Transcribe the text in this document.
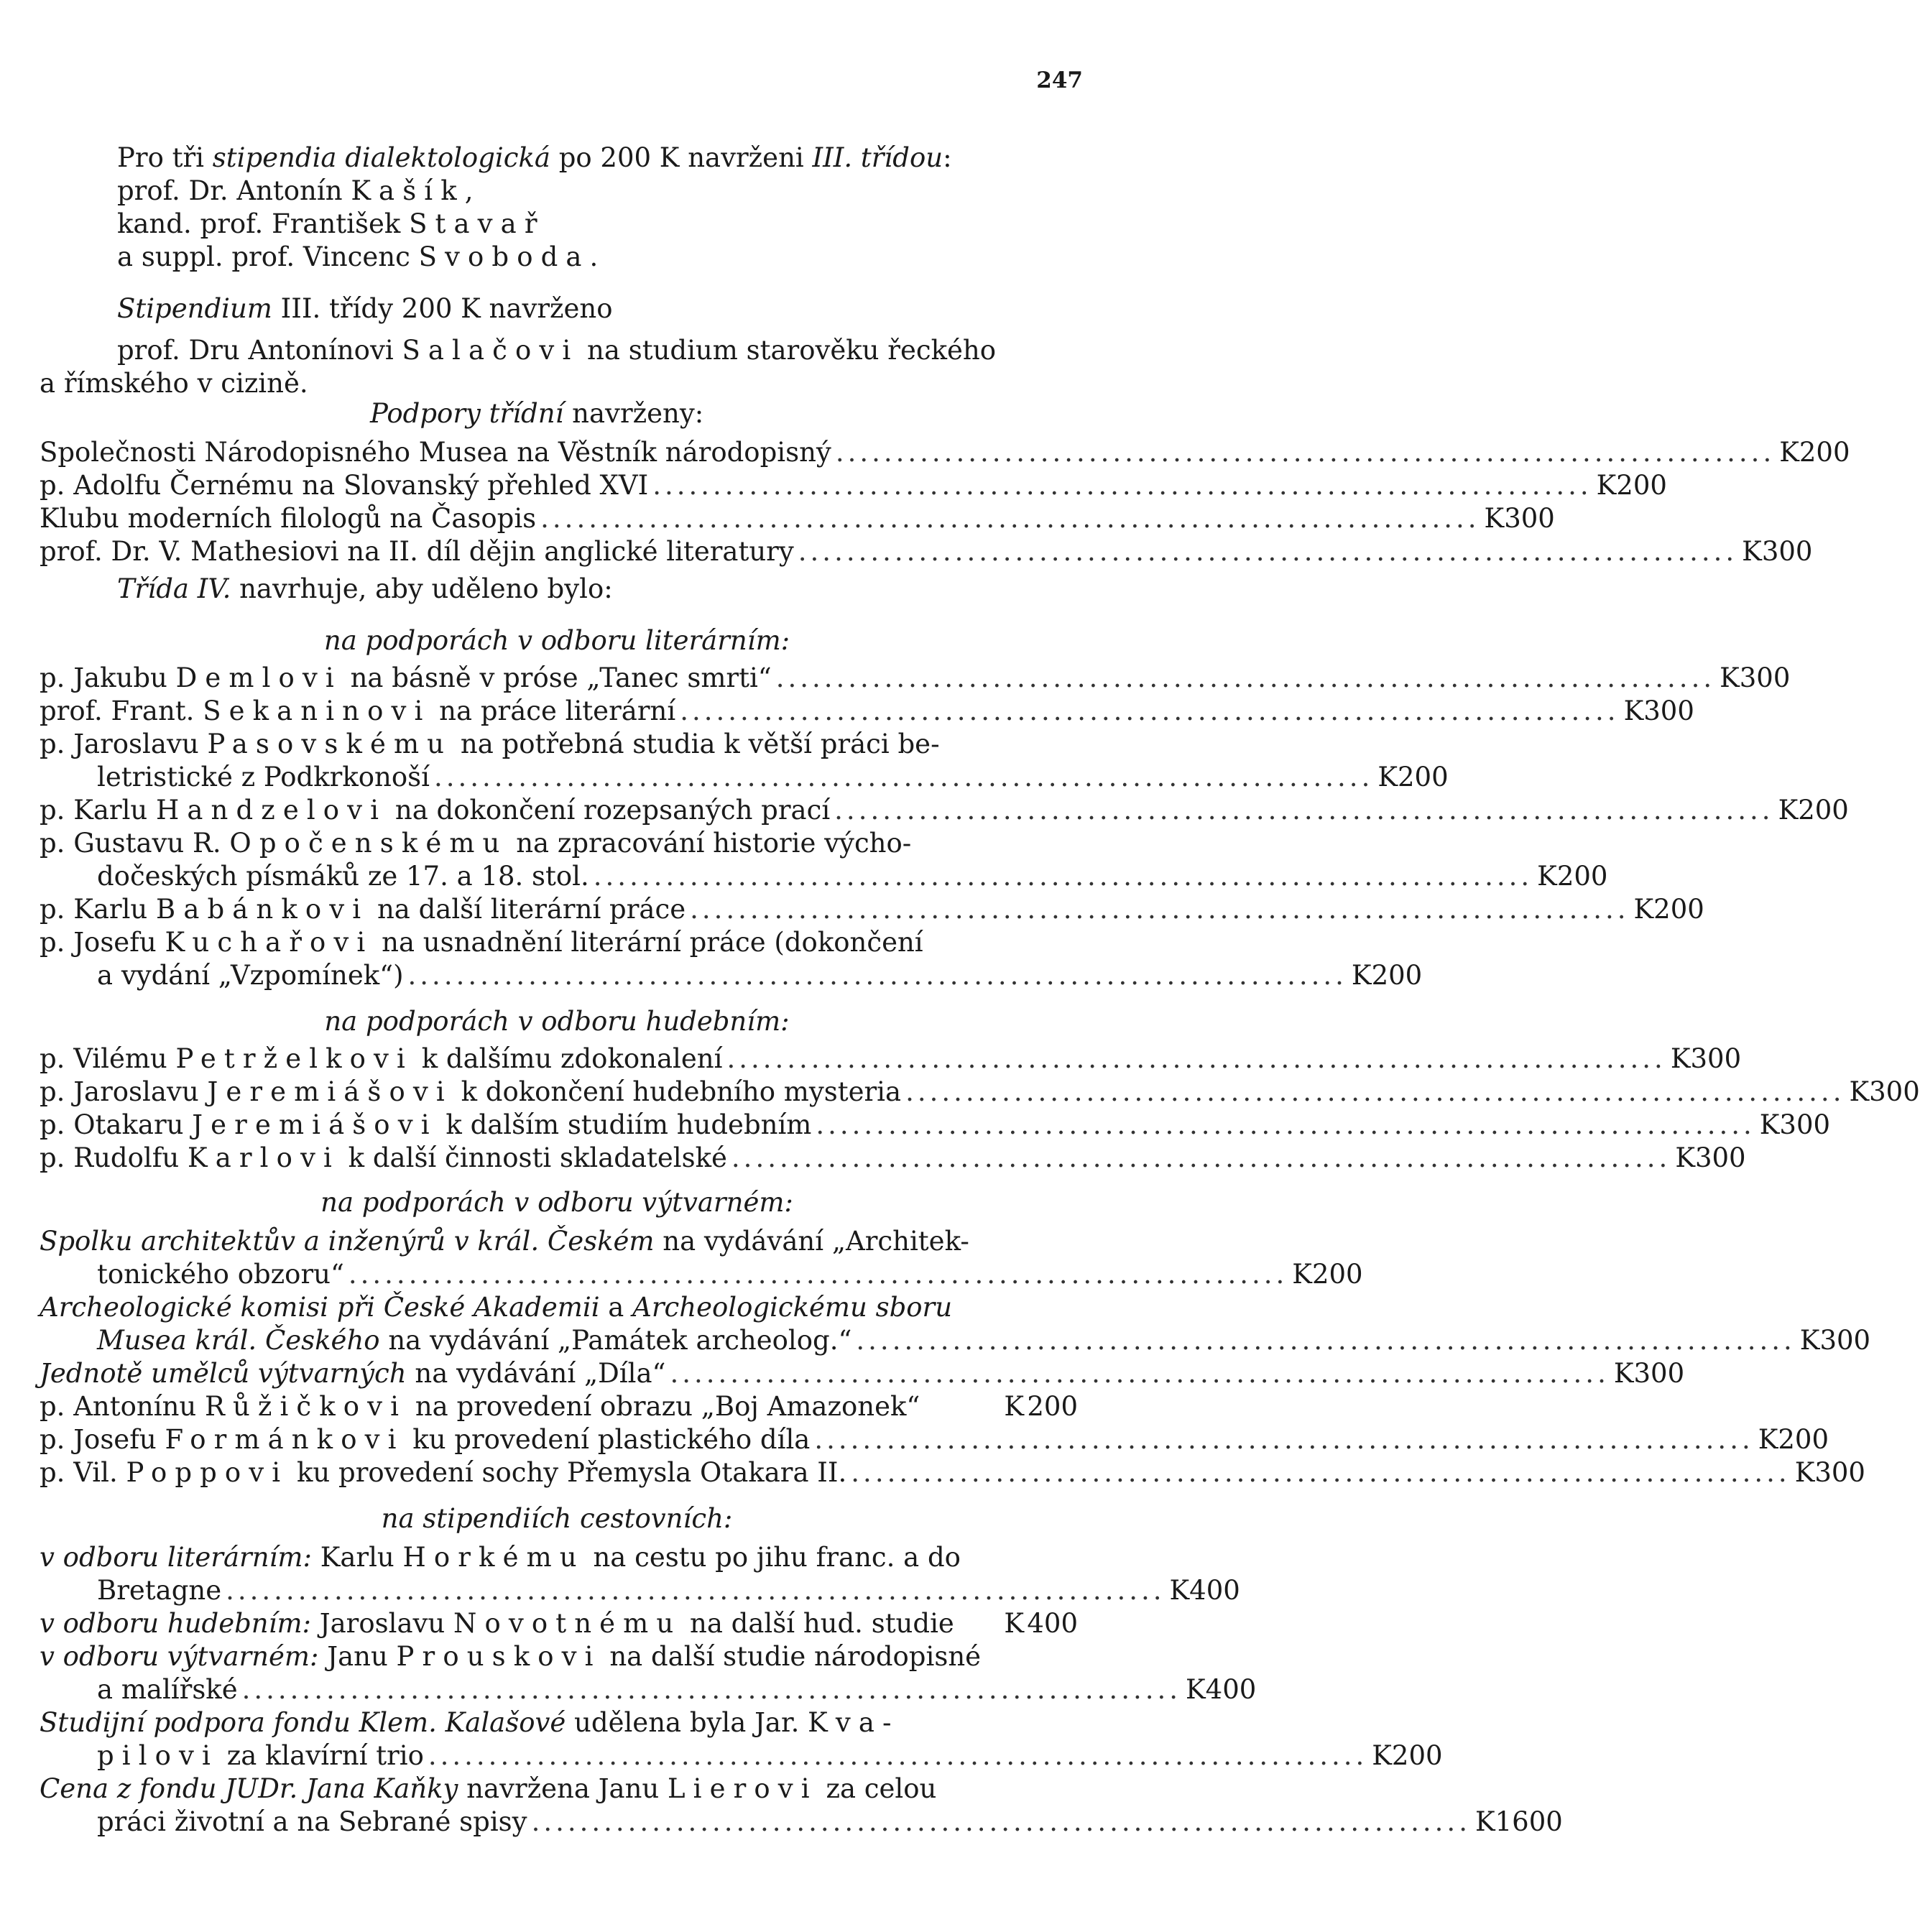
247
Pro tři stipendia dialektologická po 200 K navrženi III. třídou:
prof. Dr. Antonín Kašík,
kand. prof. František Stavař
a suppl. prof. Vincenc Svoboda.
Stipendium III. třídy 200 K navrženo
prof. Dru Antonínovi Salačovi na studium starověku řeckého
a římského v cizině.
Podpory třídní navrženy:
Společnosti Národopisného Musea na Věstník národopisný .............................................................................. K 200
p. Adolfu Černému na Slovanský přehled XVI .............................................................................. K 200
Klubu moderních filologů na Časopis .............................................................................. K 300
prof. Dr. V. Mathesiovi na II. díl dějin anglické literatury .............................................................................. K 300
Třída IV. navrhuje, aby uděleno bylo:
na podporách v odboru literárním:
p. Jakubu Demlovi na básně v próse „Tanec smrti“ .............................................................................. K 300
prof. Frant. Sekaninovi na práce literární .............................................................................. K 300
p. Jaroslavu Pasovskému na potřebná studia k větší práci be-
letristické z Podkrkonoší .............................................................................. K 200
p. Karlu Handzelovi na dokončení rozepsaných prací .............................................................................. K 200
p. Gustavu R. Opočenskému na zpracování historie výcho-
dočeských písmáků ze 17. a 18. stol. .............................................................................. K 200
p. Karlu Babánkovi na další literární práce .............................................................................. K 200
p. Josefu Kuchařovi na usnadnění literární práce (dokončení
a vydání „Vzpomínek“) .............................................................................. K 200
na podporách v odboru hudebním:
p. Vilému Petrželkovi k dalšímu zdokonalení .............................................................................. K 300
p. Jaroslavu Jeremiášovi k dokončení hudebního mysteria .............................................................................. K 300
p. Otakaru Jeremiášovi k dalším studiím hudebním .............................................................................. K 300
p. Rudolfu Karlovi k další činnosti skladatelské .............................................................................. K 300
na podporách v odboru výtvarném:
Spolku architektův a inženýrů v král. Českém na vydávání „Architek-
tonického obzoru“ .............................................................................. K 200
Archeologické komisi při České Akademii a Archeologickému sboru
Musea král. Českého na vydávání „Památek archeolog.“ .............................................................................. K 300
Jednotě umělců výtvarných na vydávání „Díla“ .............................................................................. K 300
p. Antonínu Růžičkovi na provedení obrazu „Boj Amazonek“	K 200
p. Josefu Formánkovi ku provedení plastického díla .............................................................................. K 200
p. Vil. Poppovi ku provedení sochy Přemysla Otakara II. .............................................................................. K 300
na stipendiích cestovních:
v odboru literárním: Karlu Horkému na cestu po jihu franc. a do
Bretagne .............................................................................. K 400
v odboru hudebním: Jaroslavu Novotnému na další hud. studie K 400
v odboru výtvarném: Janu Prouskovi na další studie národopisné
a malířské .............................................................................. K 400
Studijní podpora fondu Klem. Kalašové udělena byla Jar. Kva-
pilovi za klavírní trio .............................................................................. K 200
Cena z fondu JUDr. Jana Kaňky navržena Janu Lierovi za celou
práci životní a na Sebrané spisy .............................................................................. K 1600
